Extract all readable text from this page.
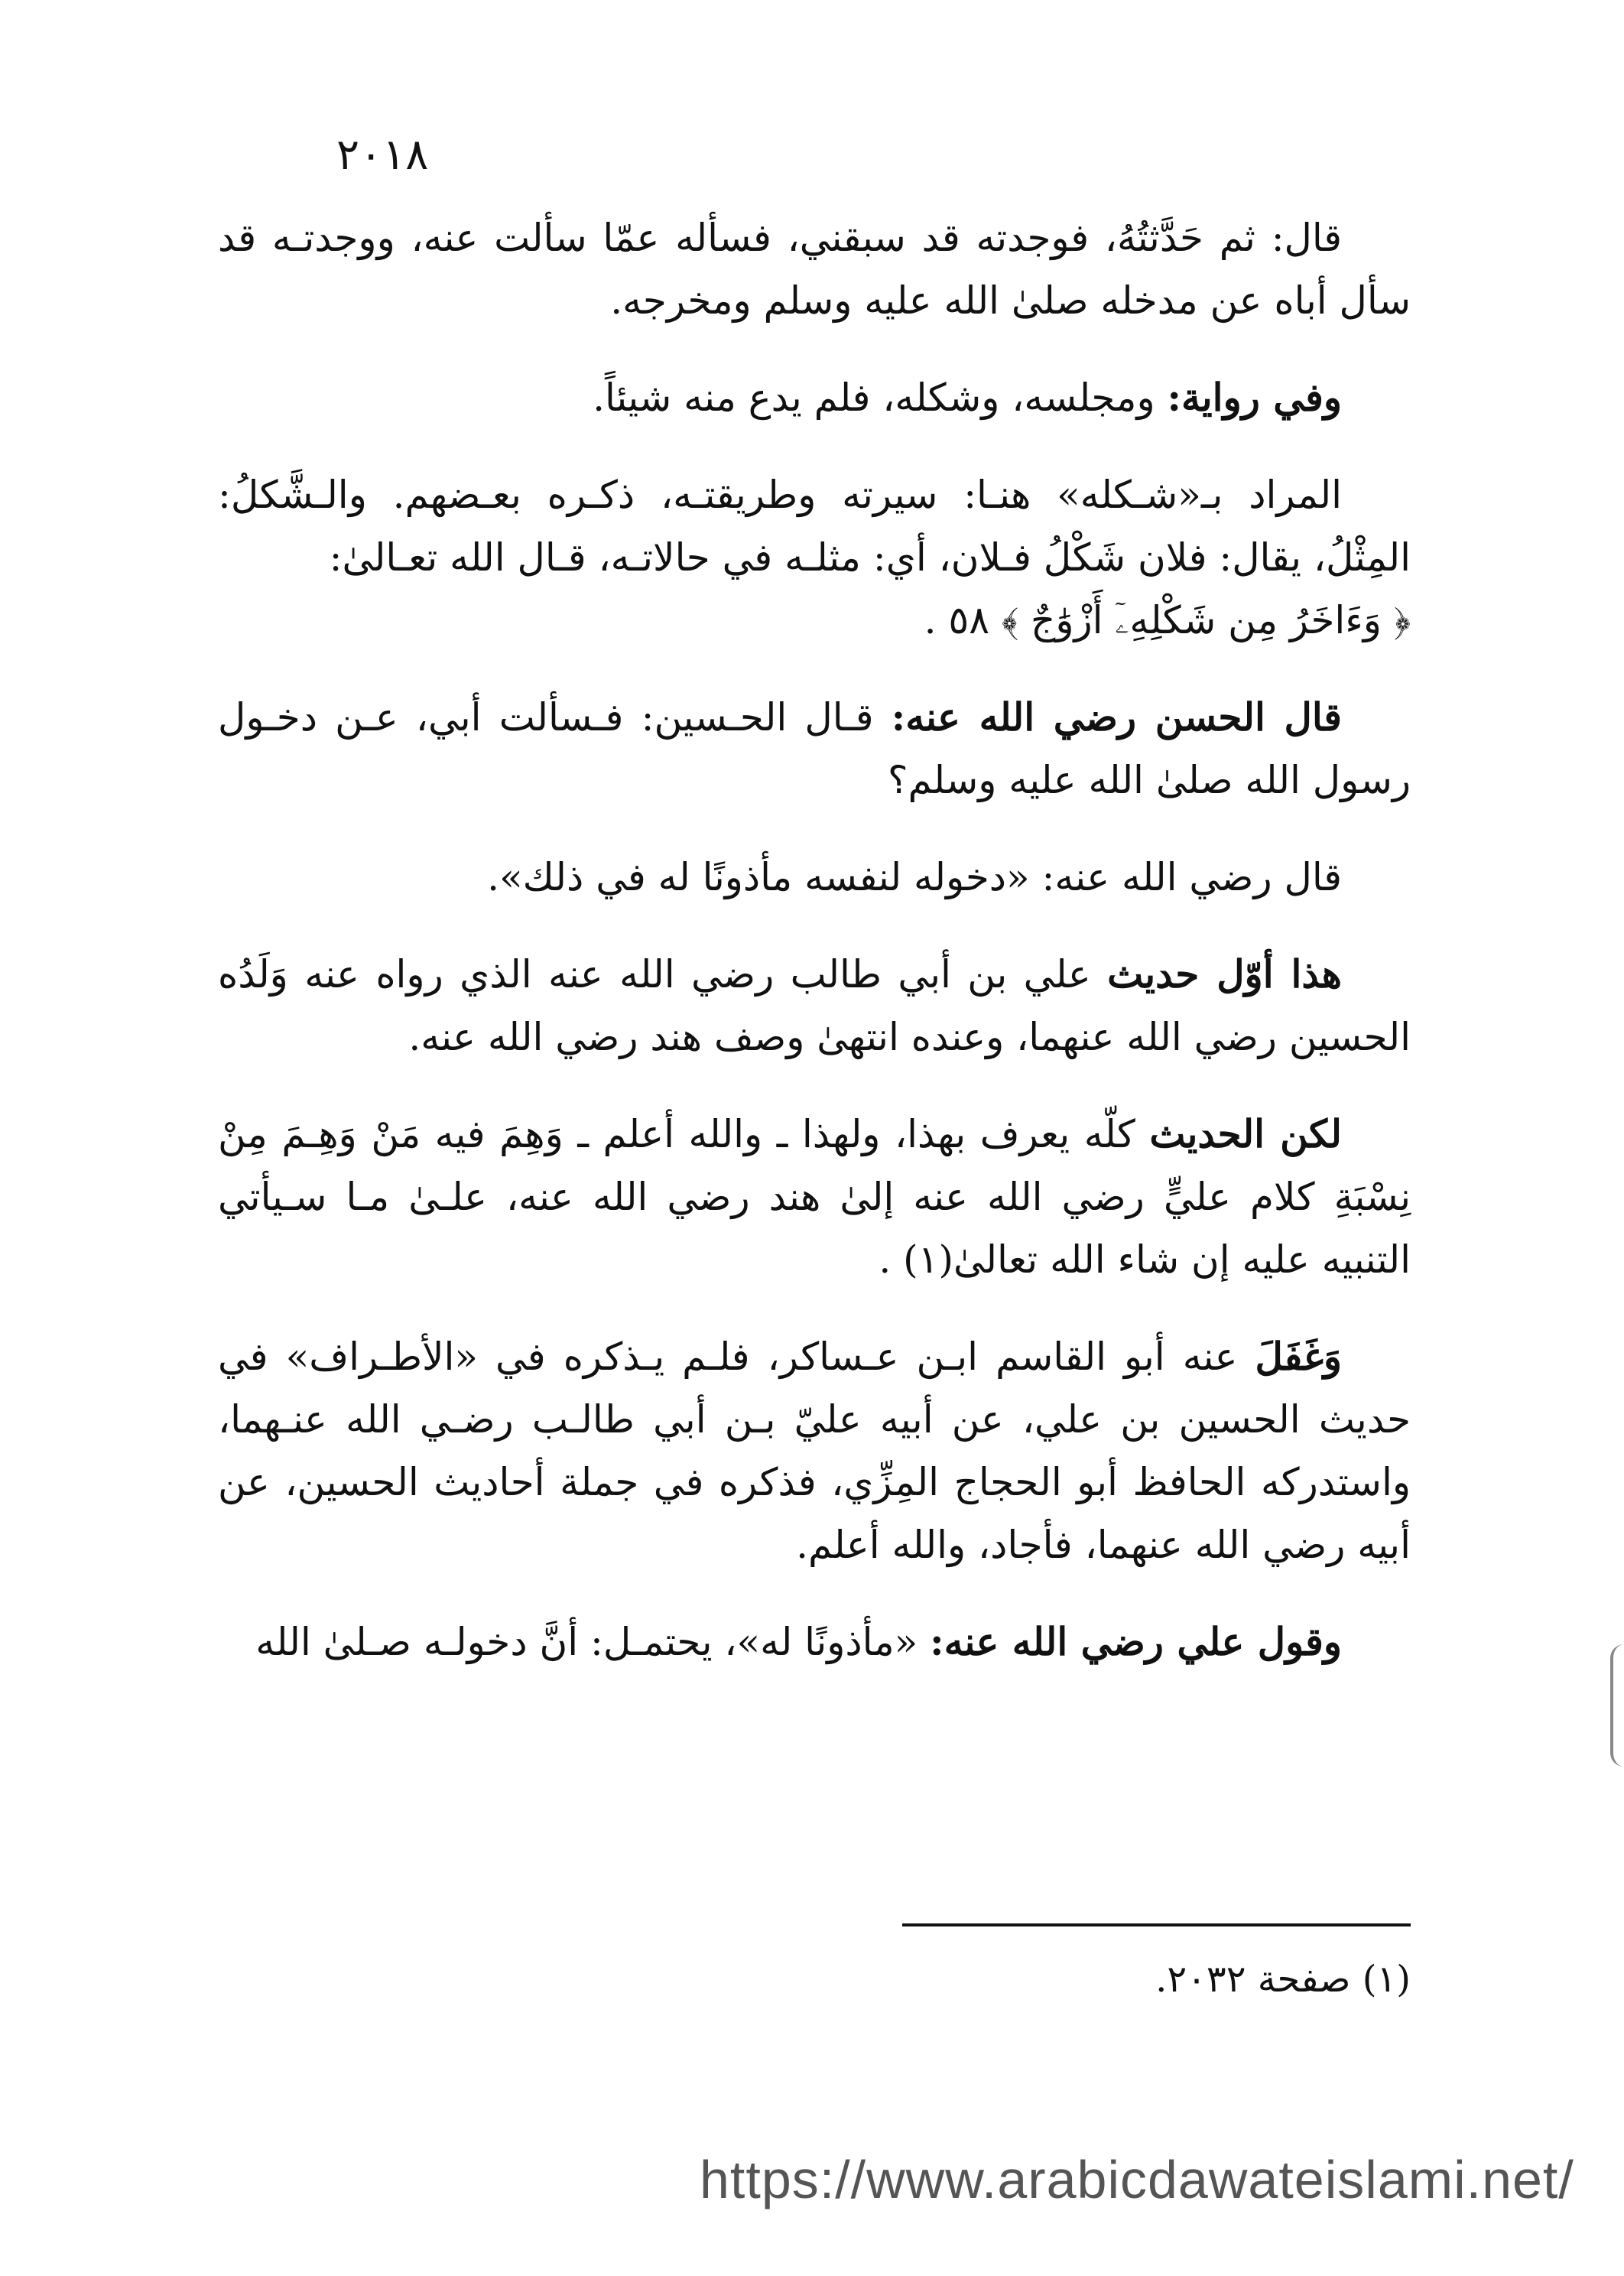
٢٠١٨

قال: ثم حَدَّثتُهُ، فوجدته قد سبقني، فسأله عمّا سألت عنه، ووجدتـه قد سأل أباه عن مدخله صلىٰ الله عليه وسلم ومخرجه.

وفي رواية: ومجلسه، وشكله، فلم يدع منه شيئاً.

المراد بـ«شـكله» هنـا: سيرته وطريقتـه، ذكـره بعـضهم. والـشَّكلُ: المِثْلُ، يقال: فلان شَكْلُ فـلان، أي: مثلـه في حالاتـه، قـال الله تعـالىٰ:

﴿ وَءَاخَرُ مِن شَكْلِهِۦٓ أَزْوَٰجٌ ﴾ ٥٨ .

قال الحسن رضي الله عنه: قـال الحـسين: فـسألت أبي، عـن دخـول رسول الله صلىٰ الله عليه وسلم؟

قال رضي الله عنه: «دخوله لنفسه مأذونًا له في ذلك».

هذا أوّل حديث علي بن أبي طالب رضي الله عنه الذي رواه عنه وَلَدُه الحسين رضي الله عنهما، وعنده انتهىٰ وصف هند رضي الله عنه.

لكن الحديث كلّه يعرف بهذا، ولهذا ـ والله أعلم ـ وَهِمَ فيه مَنْ وَهِـمَ مِنْ نِسْبَةِ كلام عليٍّ رضي الله عنه إلىٰ هند رضي الله عنه، علـىٰ مـا سـيأتي التنبيه عليه إن شاء الله تعالىٰ(١) .

وَغَفَلَ عنه أبو القاسم ابـن عـساكر، فلـم يـذكره في «الأطـراف» في حديث الحسين بن علي، عن أبيه عليّ بـن أبي طالـب رضـي الله عنـهما، واستدركه الحافظ أبو الحجاج المِزِّي، فذكره في جملة أحاديث الحسين، عن أبيه رضي الله عنهما، فأجاد، والله أعلم.

وقول علي رضي الله عنه: «مأذونًا له»، يحتمـل: أنَّ دخولـه صـلىٰ الله

(١) صفحة ٢٠٣٢.
https://www.arabicdawateislami.net/
